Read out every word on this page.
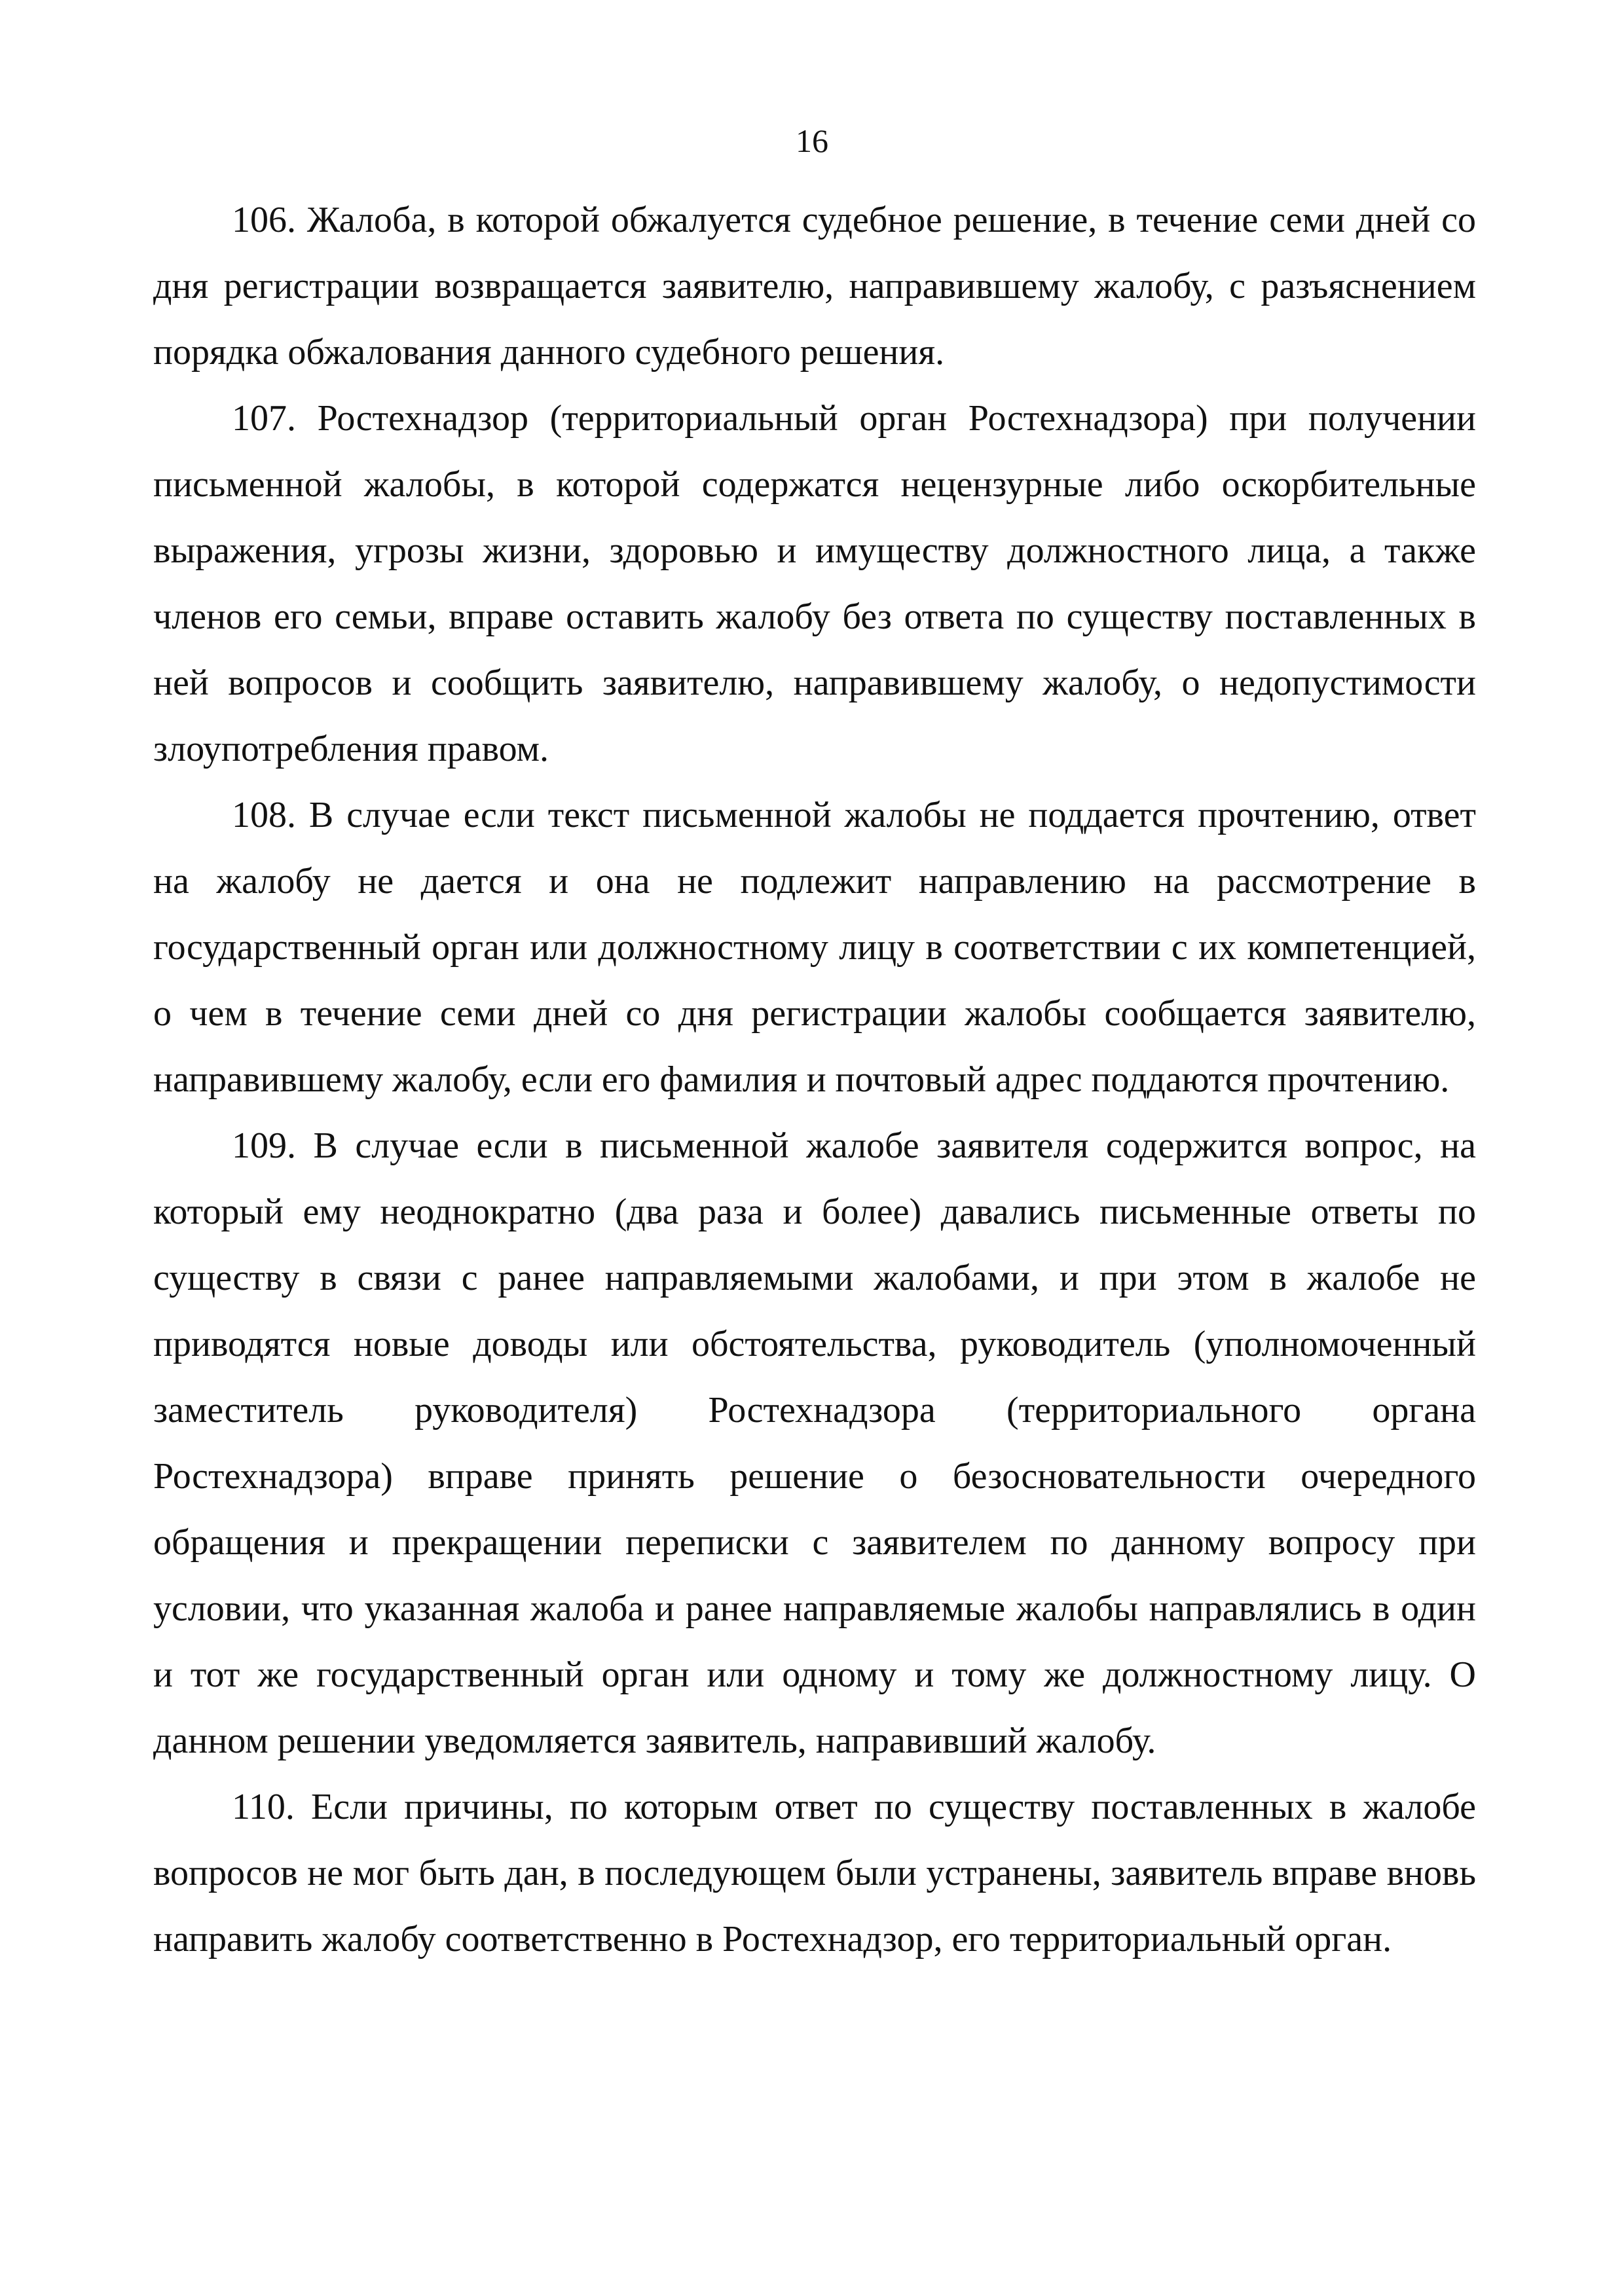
16

106. Жалоба, в которой обжалуется судебное решение, в течение семи дней со дня регистрации возвращается заявителю, направившему жалобу, с разъяснением порядка обжалования данного судебного решения.

107. Ростехнадзор (территориальный орган Ростехнадзора) при получении письменной жалобы, в которой содержатся нецензурные либо оскорбительные выражения, угрозы жизни, здоровью и имуществу должностного лица, а также членов его семьи, вправе оставить жалобу без ответа по существу поставленных в ней вопросов и сообщить заявителю, направившему жалобу, о недопустимости злоупотребления правом.

108. В случае если текст письменной жалобы не поддается прочтению, ответ на жалобу не дается и она не подлежит направлению на рассмотрение в государственный орган или должностному лицу в соответствии с их компетенцией, о чем в течение семи дней со дня регистрации жалобы сообщается заявителю, направившему жалобу, если его фамилия и почтовый адрес поддаются прочтению.

109. В случае если в письменной жалобе заявителя содержится вопрос, на который ему неоднократно (два раза и более) давались письменные ответы по существу в связи с ранее направляемыми жалобами, и при этом в жалобе не приводятся новые доводы или обстоятельства, руководитель (уполномоченный заместитель руководителя) Ростехнадзора (территориального органа Ростехнадзора) вправе принять решение о безосновательности очередного обращения и прекращении переписки с заявителем по данному вопросу при условии, что указанная жалоба и ранее направляемые жалобы направлялись в один и тот же государственный орган или одному и тому же должностному лицу. О данном решении уведомляется заявитель, направивший жалобу.

110. Если причины, по которым ответ по существу поставленных в жалобе вопросов не мог быть дан, в последующем были устранены, заявитель вправе вновь направить жалобу соответственно в Ростехнадзор, его территориальный орган.
